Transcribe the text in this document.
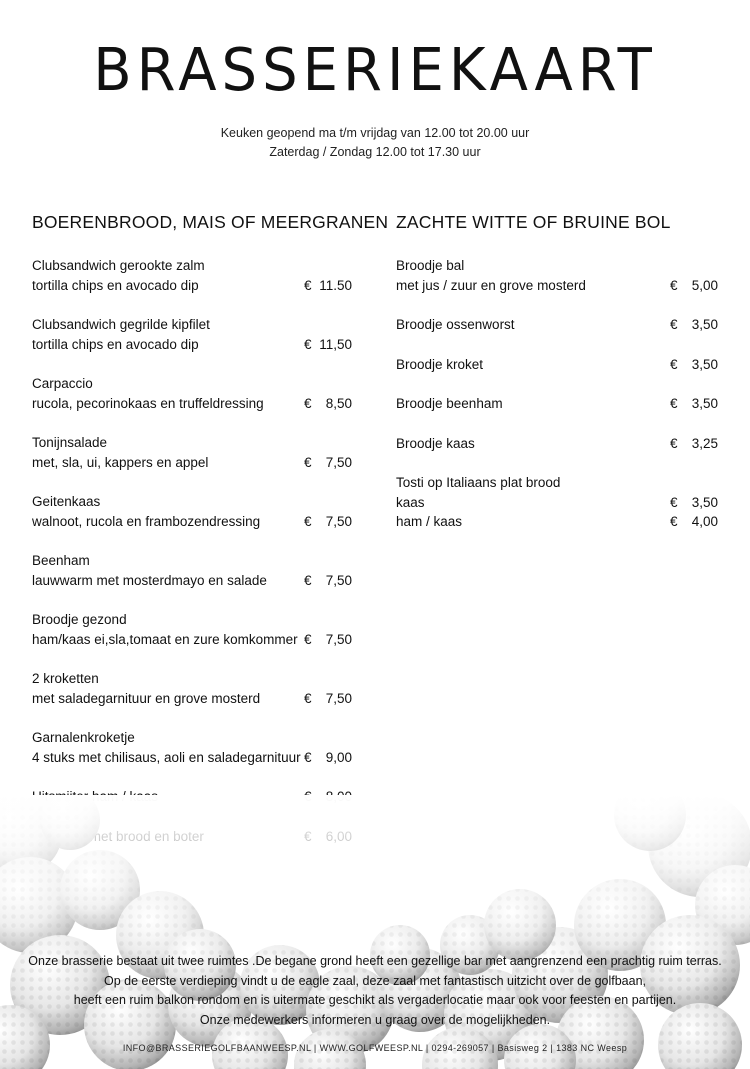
BRASSERIEKAART
Keuken geopend ma t/m vrijdag van 12.00 tot 20.00 uur
Zaterdag / Zondag 12.00 tot 17.30 uur
BOERENBROOD, MAIS OF MEERGRANEN ZACHTE WITTE OF BRUINE BOL
Clubsandwich gerookte zalm
tortilla chips en avocado dip	€ 11.50
Clubsandwich gegrilde kipfilet
tortilla chips en avocado dip	€ 11,50
Carpaccio
rucola, pecorinokaas en truffeldressing	€	8,50
Tonijnsalade
met, sla, ui, kappers en appel	€	7,50
Geitenkaas
walnoot, rucola en frambozendressing	€	7,50
Beenham
lauwwarm met mosterdmayo en salade	€	7,50
Broodje gezond
ham/kaas ei,sla,tomaat en zure komkommer €	7,50
2 kroketten
met saladegarnituur en grove mosterd	€	7,50
Garnalenkroketje
4 stuks met chilisaus, aoli en saladegarnituur €	9,00
Broodje bal
met jus / zuur en grove mosterd	€	5,00
Broodje ossenworst	€	3,50
Broodje kroket	€	3,50
Broodje beenham	€	3,50
Broodje kaas	€	3,25
Tosti op Italiaans plat brood
kaas	€	3,50
ham / kaas	€	4,00
Onze brasserie bestaat uit twee ruimtes .De begane grond heeft een gezellige bar met aangrenzend een prachtig ruim terras.
Op de eerste verdieping vindt u de eagle zaal, deze zaal met fantastisch uitzicht over de golfbaan,
heeft een ruim balkon rondom en is uitermate geschikt als vergaderlocatie maar ook voor feesten en partijen.
Onze medewerkers informeren u graag over de mogelijkheden.
INFO@BRASSERIEGOLFBAANWEESP.NL | WWW.GOLFWEESP.NL | 0294-269057 | Basisweg 2 | 1383 NC Weesp
